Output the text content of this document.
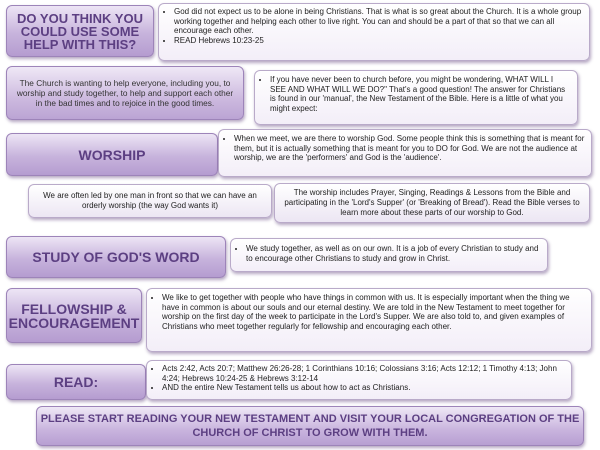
DO YOU THINK YOU COULD USE SOME HELP WITH THIS?
• God did not expect us to be alone in being Christians. That is what is so great about the Church. It is a whole group working together and helping each other to live right. You can and should be a part of that so that we can all encourage each other.
• READ Hebrews 10:23-25
The Church is wanting to help everyone, including you, to worship and study together, to help and support each other in the bad times and to rejoice in the good times.
• If you have never been to church before, you might be wondering, WHAT WILL I SEE AND WHAT WILL WE DO?" That's a good question! The answer for Christians is found in our 'manual', the New Testament of the Bible. Here is a little of what you might expect:
WORSHIP
• When we meet, we are there to worship God. Some people think this is something that is meant for them, but it is actually something that is meant for you to DO for God. We are not the audience at worship, we are the 'performers' and God is the 'audience'.
We are often led by one man in front so that we can have an orderly worship (the way God wants it)
The worship includes Prayer, Singing, Readings & Lessons from the Bible and participating in the 'Lord's Supper' (or 'Breaking of Bread'). Read the Bible verses to learn more about these parts of our worship to God.
STUDY OF GOD'S WORD
• We study together, as well as on our own. It is a job of every Christian to study and to encourage other Christians to study and grow in Christ.
FELLOWSHIP & ENCOURAGEMENT
• We like to get together with people who have things in common with us. It is especially important when the thing we have in common is about our souls and our eternal destiny. We are told in the New Testament to meet together for worship on the first day of the week to participate in the Lord's Supper. We are also told to, and given examples of Christians who meet together regularly for fellowship and encouraging each other.
READ:
• Acts 2:42, Acts 20:7; Matthew 26:26-28; 1 Corinthians 10:16; Colossians 3:16; Acts 12:12; 1 Timothy 4:13; John 4:24; Hebrews 10:24-25 & Hebrews 3:12-14
• AND the entire New Testament tells us about how to act as Christians.
PLEASE START READING YOUR NEW TESTAMENT AND VISIT YOUR LOCAL CONGREGATION OF THE CHURCH OF CHRIST TO GROW WITH THEM.
